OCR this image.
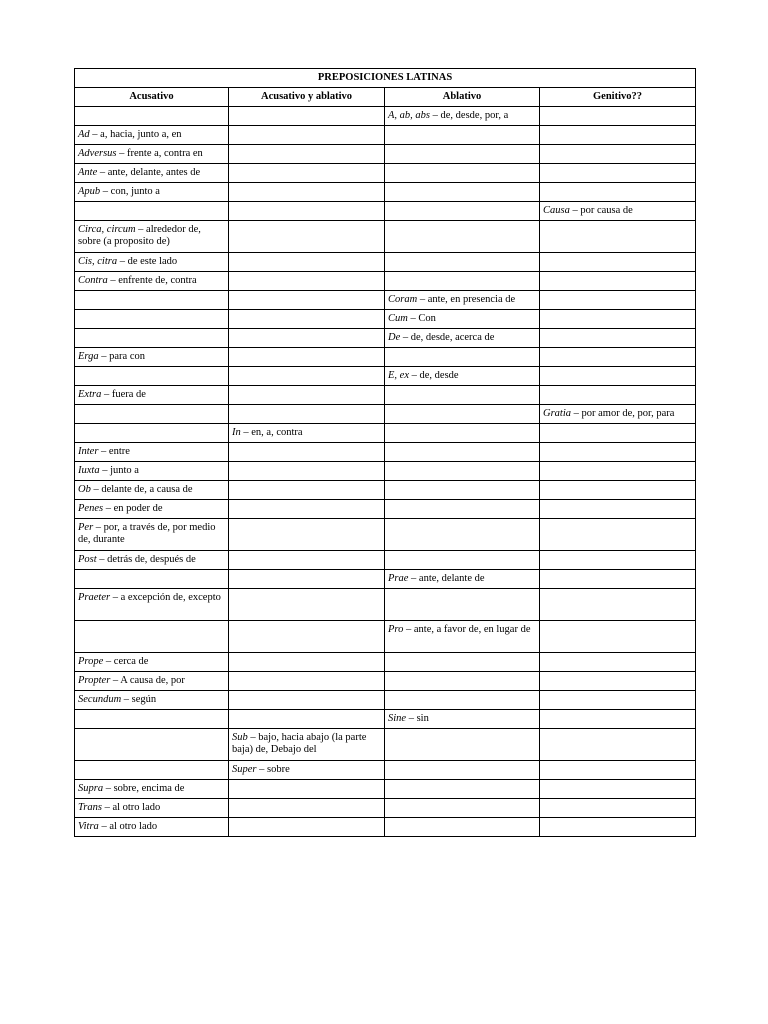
PREPOSICIONES LATINAS			
Acusativo	Acusativo y ablativo	Ablativo	Genitivo??
		A, ab, abs – de, desde, por, a	
Ad – a, hacia, junto a, en			
Adversus – frente a, contra en			
Ante – ante, delante, antes de			
Apub – con, junto a			
			Causa – por causa de
Circa, circum – alrededor de, sobre (a proposito de)			
Cis, citra – de este lado			
Contra – enfrente de, contra			
		Coram – ante, en presencia de	
		Cum – Con	
		De – de, desde, acerca de	
Erga – para con			
		E, ex – de, desde	
Extra – fuera de			
			Gratia – por amor de, por, para
	In – en, a, contra		
Inter – entre			
Iuxta – junto a			
Ob – delante de, a causa de			
Penes – en poder de			
Per – por, a través de, por medio de, durante			
Post – detrás de, después de			
		Prae – ante, delante de	
Praeter – a excepción de, excepto			
		Pro – ante, a favor de, en lugar de	
Prope – cerca de			
Propter – A causa de, por			
Secundum – según			
		Sine – sin	
	Sub – bajo, hacia abajo (la parte baja) de, Debajo del		
	Super – sobre		
Supra – sobre, encima de			
Trans – al otro lado			
Vitra – al otro lado			
